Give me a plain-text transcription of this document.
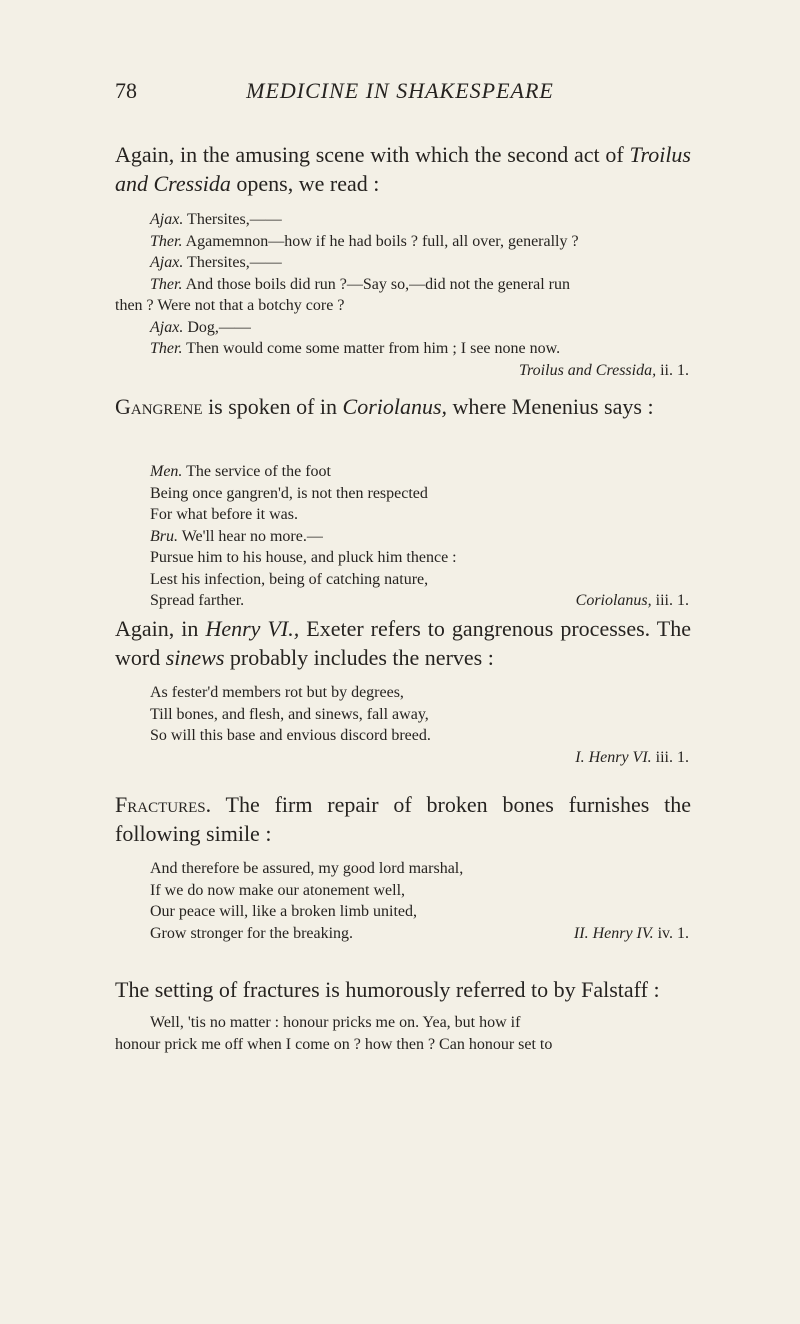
78	MEDICINE IN SHAKESPEARE

Again, in the amusing scene with which the second act of Troilus and Cressida opens, we read :

Ajax. Thersites,——
Ther. Agamemnon—how if he had boils ? full, all over, generally ?
Ajax. Thersites,——
Ther. And those boils did run ?—Say so,—did not the general run
then ? Were not that a botchy core ?
Ajax. Dog,——
Ther. Then would come some matter from him ; I see none now.
Troilus and Cressida, ii. 1.

Gangrene is spoken of in Coriolanus, where Menenius says :

Men. The service of the foot
Being once gangren'd, is not then respected
For what before it was.
Bru. We'll hear no more.—
Pursue him to his house, and pluck him thence :
Lest his infection, being of catching nature,
Spread farther.	Coriolanus, iii. 1.

Again, in Henry VI., Exeter refers to gangrenous processes. The word sinews probably includes the nerves :

As fester'd members rot but by degrees,
Till bones, and flesh, and sinews, fall away,
So will this base and envious discord breed.
I. Henry VI. iii. 1.

Fractures. The firm repair of broken bones furnishes the following simile :

And therefore be assured, my good lord marshal,
If we do now make our atonement well,
Our peace will, like a broken limb united,
Grow stronger for the breaking.	II. Henry IV. iv. 1.

The setting of fractures is humorously referred to by Falstaff :

Well, 'tis no matter : honour pricks me on. Yea, but how if
honour prick me off when I come on ? how then ? Can honour set to
